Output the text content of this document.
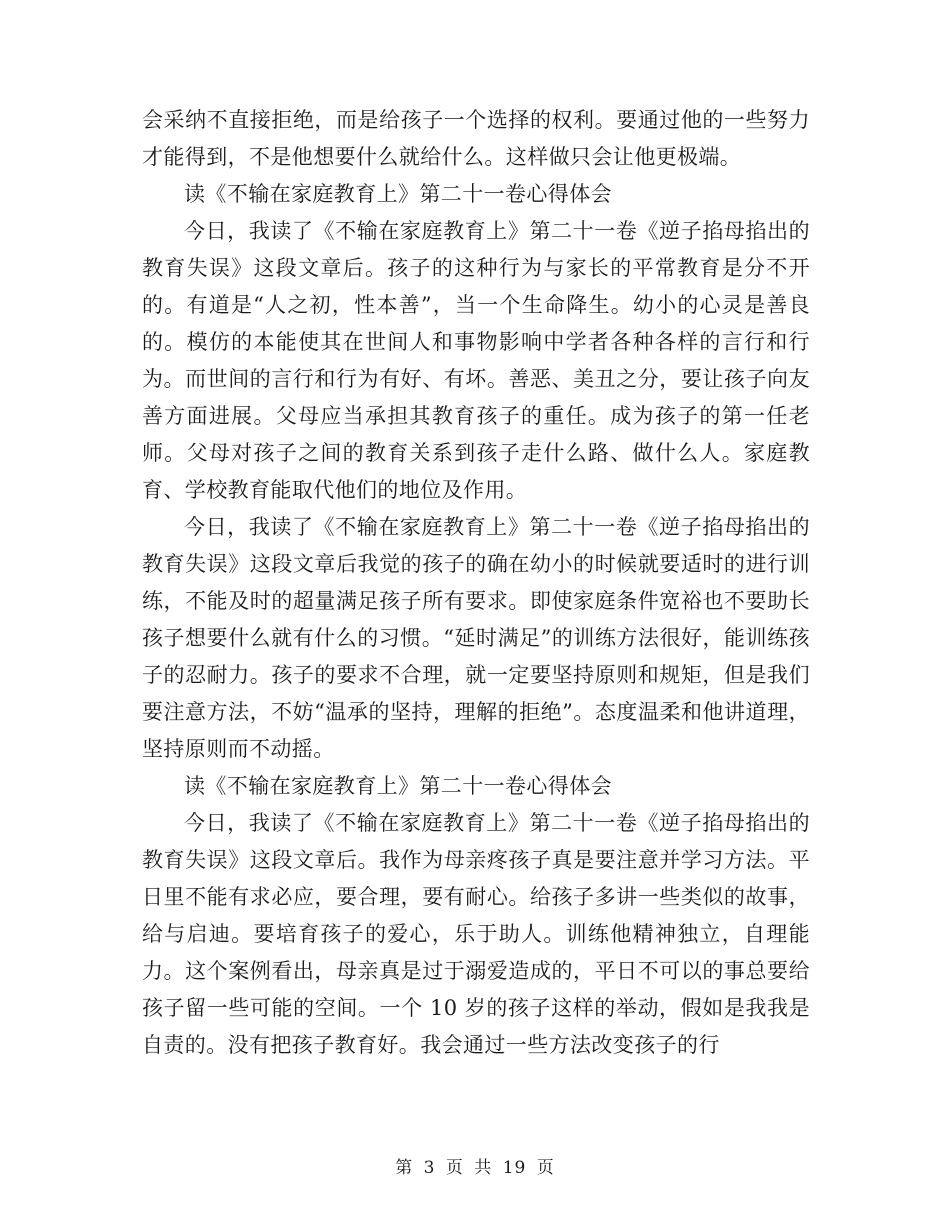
会采纳不直接拒绝，而是给孩子一个选择的权利。要通过他的一些努力才能得到，不是他想要什么就给什么。这样做只会让他更极端。

读《不输在家庭教育上》第二十一卷心得体会

今日，我读了《不输在家庭教育上》第二十一卷《逆子掐母掐出的教育失误》这段文章后。孩子的这种行为与家长的平常教育是分不开的。有道是“人之初，性本善”，当一个生命降生。幼小的心灵是善良的。模仿的本能使其在世间人和事物影响中学者各种各样的言行和行为。而世间的言行和行为有好、有坏。善恶、美丑之分，要让孩子向友善方面进展。父母应当承担其教育孩子的重任。成为孩子的第一任老师。父母对孩子之间的教育关系到孩子走什么路、做什么人。家庭教育、学校教育能取代他们的地位及作用。

今日，我读了《不输在家庭教育上》第二十一卷《逆子掐母掐出的教育失误》这段文章后我觉的孩子的确在幼小的时候就要适时的进行训练，不能及时的超量满足孩子所有要求。即使家庭条件宽裕也不要助长孩子想要什么就有什么的习惯。“延时满足”的训练方法很好，能训练孩子的忍耐力。孩子的要求不合理，就一定要坚持原则和规矩，但是我们要注意方法，不妨“温承的坚持，理解的拒绝”。态度温柔和他讲道理，坚持原则而不动摇。

读《不输在家庭教育上》第二十一卷心得体会

今日，我读了《不输在家庭教育上》第二十一卷《逆子掐母掐出的教育失误》这段文章后。我作为母亲疼孩子真是要注意并学习方法。平日里不能有求必应，要合理，要有耐心。给孩子多讲一些类似的故事，给与启迪。要培育孩子的爱心，乐于助人。训练他精神独立，自理能力。这个案例看出，母亲真是过于溺爱造成的，平日不可以的事总要给孩子留一些可能的空间。一个 10 岁的孩子这样的举动，假如是我我是自责的。没有把孩子教育好。我会通过一些方法改变孩子的行

第 3 页 共 19 页
